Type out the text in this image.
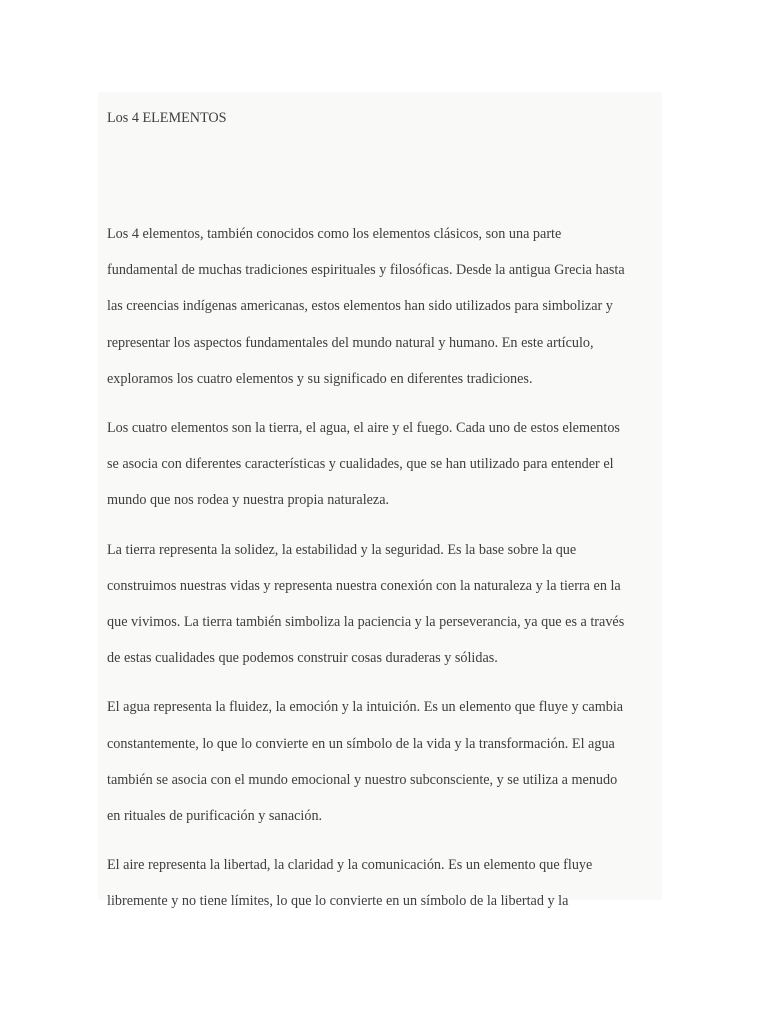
Los 4 ELEMENTOS

Los 4 elementos, también conocidos como los elementos clásicos, son una parte
fundamental de muchas tradiciones espirituales y filosóficas. Desde la antigua Grecia hasta
las creencias indígenas americanas, estos elementos han sido utilizados para simbolizar y
representar los aspectos fundamentales del mundo natural y humano. En este artículo,
exploramos los cuatro elementos y su significado en diferentes tradiciones.

Los cuatro elementos son la tierra, el agua, el aire y el fuego. Cada uno de estos elementos
se asocia con diferentes características y cualidades, que se han utilizado para entender el
mundo que nos rodea y nuestra propia naturaleza.

La tierra representa la solidez, la estabilidad y la seguridad. Es la base sobre la que
construimos nuestras vidas y representa nuestra conexión con la naturaleza y la tierra en la
que vivimos. La tierra también simboliza la paciencia y la perseverancia, ya que es a través
de estas cualidades que podemos construir cosas duraderas y sólidas.

El agua representa la fluidez, la emoción y la intuición. Es un elemento que fluye y cambia
constantemente, lo que lo convierte en un símbolo de la vida y la transformación. El agua
también se asocia con el mundo emocional y nuestro subconsciente, y se utiliza a menudo
en rituales de purificación y sanación.

El aire representa la libertad, la claridad y la comunicación. Es un elemento que fluye
libremente y no tiene límites, lo que lo convierte en un símbolo de la libertad y la
